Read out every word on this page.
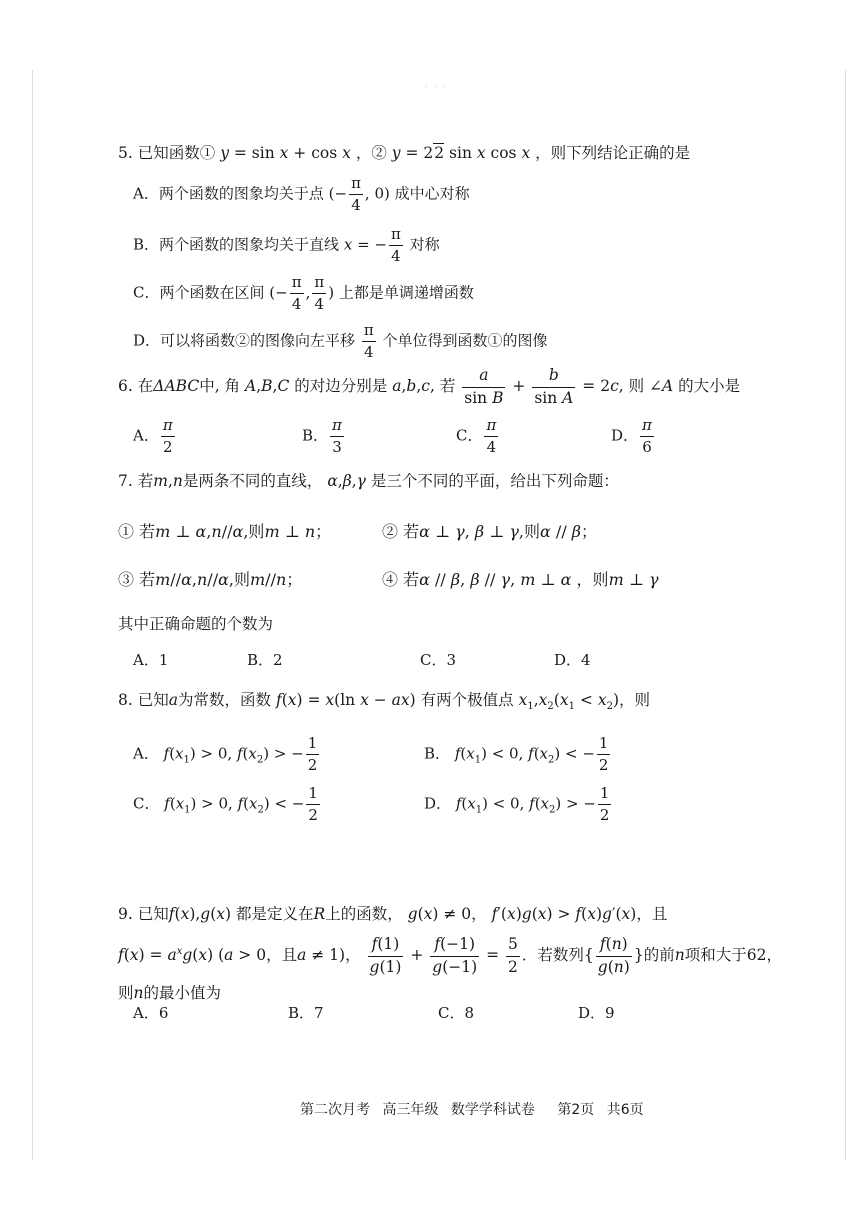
· · ·
5. 已知函数① y = sin x + cos x ，② y = 22 sin x cos x ，则下列结论正确的是
A．两个函数的图象均关于点 (− $\frac{\pi}{4}$ , 0) 成中心对称
B．两个函数的图象均关于直线 x = − $\frac{\pi}{4}$ 对称
C．两个函数在区间 (− $\frac{\pi}{4}$ , $\frac{\pi}{4}$ ) 上都是单调递增函数
D．可以将函数②的图像向左平移 $\frac{\pi}{4}$ 个单位得到函数①的图像
6. 在ΔABC中, 角 A,B,C 的对边分别是 a,b,c, 若 $\frac{a}{\text{sin B}} + \frac{b}{\text{sin A}} = 2c$, 则 ∠A 的大小是
A． $\frac{\pi}{2}$	B． $\frac{\pi}{3}$	C． $\frac{\pi}{4}$	D． $\frac{\pi}{6}$
7. 若m,n是两条不同的直线， α,β,γ 是三个不同的平面，给出下列命题：
① 若m ⊥ α,n//α,则m ⊥ n；	② 若α ⊥ γ, β ⊥ γ,则α // β；
③ 若m//α,n//α,则m//n；	④ 若α // β, β // γ, m ⊥ α ，则m ⊥ γ
其中正确命题的个数为
A．1	B．2	C．3	D．4
8. 已知a为常数，函数 f(x) = x(ln x − ax) 有两个极值点 $x_1,x_2(x_1 < x_2)$，则
A． $f(x_1) > 0$, $f(x_2)$ > − $\frac{1}{2}$	B． $f(x_1) < 0$, $f(x_2)$ < − $\frac{1}{2}$
C． $f(x_1) > 0$, $f(x_2)$ < − $\frac{1}{2}$	D． $f(x_1) < 0$, $f(x_2)$ > − $\frac{1}{2}$
9. 已知f(x),g(x) 都是定义在R上的函数， g(x) ≠ 0， f′(x)g(x) > f(x)g′(x)，且
$f(x) = a^xg(x) (a > 0$，且a ≠ 1)， $\frac{f(1)}{g(1)} + \frac{f(-1)}{g(-1)} = \frac{5}{2}$ ．若数列{ $\frac{f(n)}{g(n)}$ }的前n项和大于62，
则n的最小值为
A．6	B．7	C．8	D．9
第二次月考 高三年级 数学学科试卷 第2页 共6页
